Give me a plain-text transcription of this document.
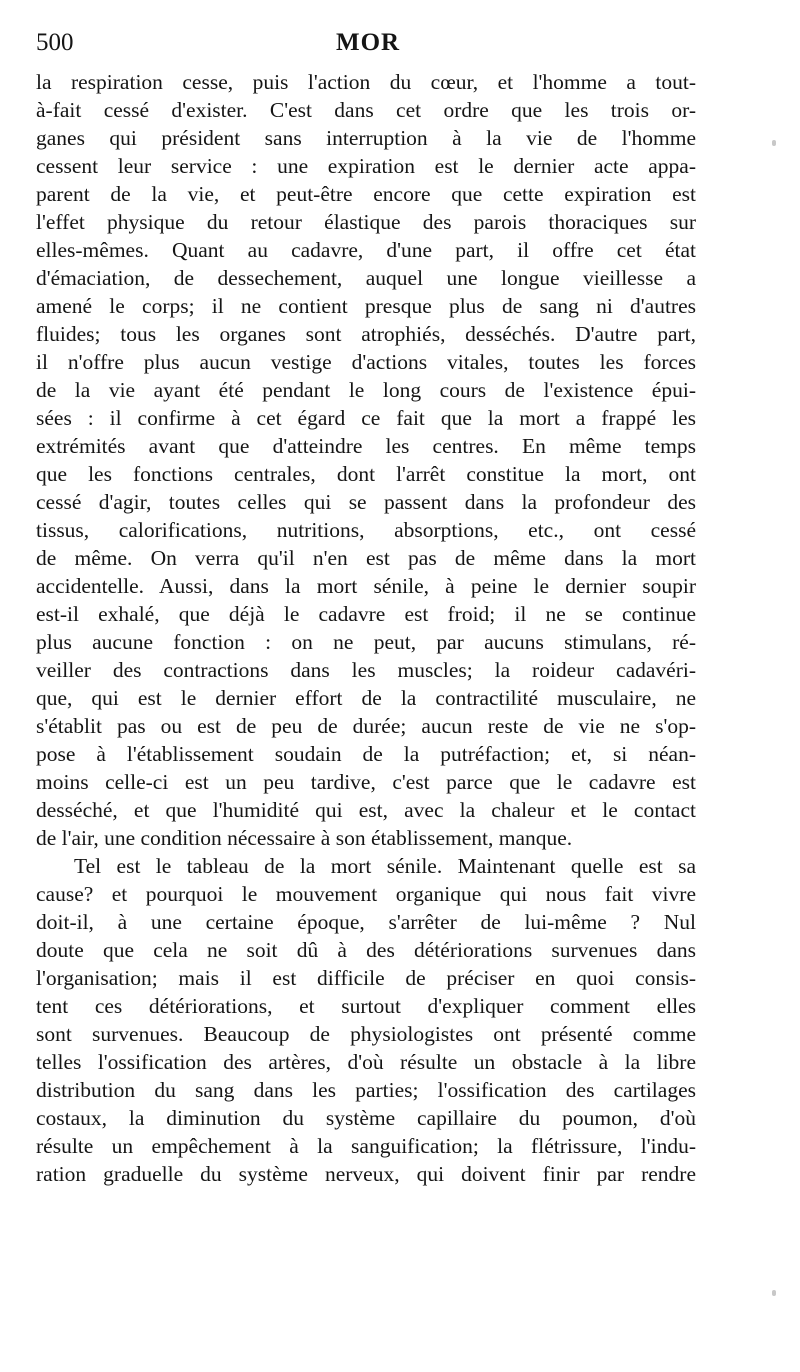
500	MOR
la respiration cesse, puis l'action du cœur, et l'homme a tout-
à-fait cessé d'exister. C'est dans cet ordre que les trois or-
ganes qui président sans interruption à la vie de l'homme
cessent leur service : une expiration est le dernier acte appa-
parent de la vie, et peut-être encore que cette expiration est
l'effet physique du retour élastique des parois thoraciques sur
elles-mêmes. Quant au cadavre, d'une part, il offre cet état
d'émaciation, de dessechement, auquel une longue vieillesse a
amené le corps; il ne contient presque plus de sang ni d'autres
fluides; tous les organes sont atrophiés, desséchés. D'autre part,
il n'offre plus aucun vestige d'actions vitales, toutes les forces
de la vie ayant été pendant le long cours de l'existence épui-
sées : il confirme à cet égard ce fait que la mort a frappé les
extrémités avant que d'atteindre les centres. En même temps
que les fonctions centrales, dont l'arrêt constitue la mort, ont
cessé d'agir, toutes celles qui se passent dans la profondeur des
tissus, calorifications, nutritions, absorptions, etc., ont cessé
de même. On verra qu'il n'en est pas de même dans la mort
accidentelle. Aussi, dans la mort sénile, à peine le dernier soupir
est-il exhalé, que déjà le cadavre est froid; il ne se continue
plus aucune fonction : on ne peut, par aucuns stimulans, ré-
veiller des contractions dans les muscles; la roideur cadavéri-
que, qui est le dernier effort de la contractilité musculaire, ne
s'établit pas ou est de peu de durée; aucun reste de vie ne s'op-
pose à l'établissement soudain de la putréfaction; et, si néan-
moins celle-ci est un peu tardive, c'est parce que le cadavre est
desséché, et que l'humidité qui est, avec la chaleur et le contact
de l'air, une condition nécessaire à son établissement, manque.
Tel est le tableau de la mort sénile. Maintenant quelle est sa
cause? et pourquoi le mouvement organique qui nous fait vivre
doit-il, à une certaine époque, s'arrêter de lui-même ? Nul
doute que cela ne soit dû à des détériorations survenues dans
l'organisation; mais il est difficile de préciser en quoi consis-
tent ces détériorations, et surtout d'expliquer comment elles
sont survenues. Beaucoup de physiologistes ont présenté comme
telles l'ossification des artères, d'où résulte un obstacle à la libre
distribution du sang dans les parties; l'ossification des cartilages
costaux, la diminution du système capillaire du poumon, d'où
résulte un empêchement à la sanguification; la flétrissure, l'indu-
ration graduelle du système nerveux, qui doivent finir par rendre
